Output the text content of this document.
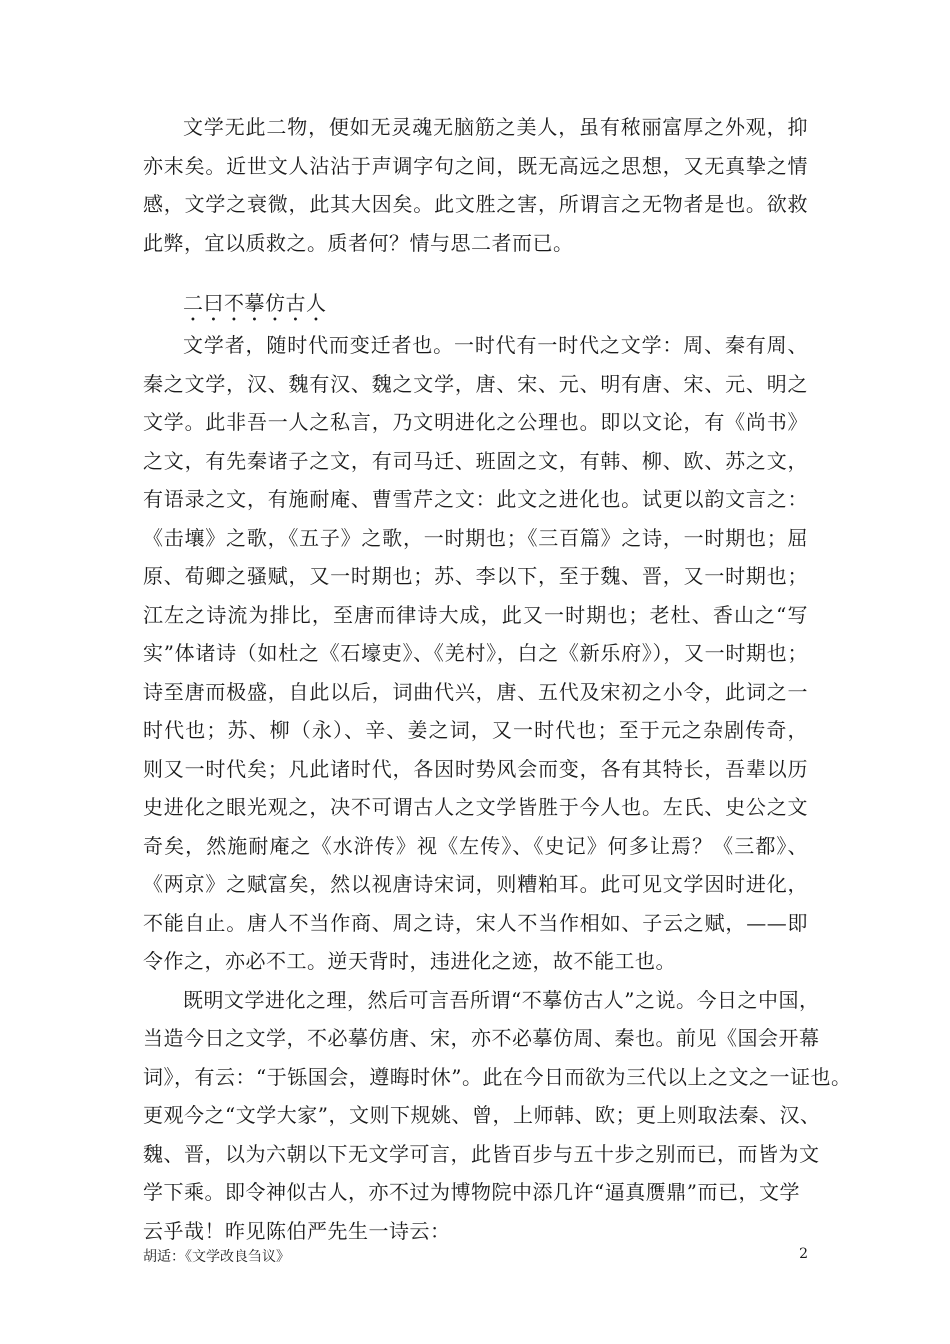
文学无此二物，便如无灵魂无脑筋之美人，虽有秾丽富厚之外观，抑亦末矣。近世文人沾沾于声调字句之间，既无高远之思想，又无真挚之情感，文学之衰微，此其大因矣。此文胜之害，所谓言之无物者是也。欲救此弊，宜以质救之。质者何？情与思二者而已。

二曰不摹仿古人

文学者，随时代而变迁者也。一时代有一时代之文学：周、秦有周、秦之文学，汉、魏有汉、魏之文学，唐、宋、元、明有唐、宋、元、明之文学。此非吾一人之私言，乃文明进化之公理也。即以文论，有《尚书》之文，有先秦诸子之文，有司马迁、班固之文，有韩、柳、欧、苏之文，有语录之文，有施耐庵、曹雪芹之文：此文之进化也。试更以韵文言之：《击壤》之歌，《五子》之歌，一时期也；《三百篇》之诗，一时期也；屈原、荀卿之骚赋，又一时期也；苏、李以下，至于魏、晋，又一时期也；江左之诗流为排比，至唐而律诗大成，此又一时期也；老杜、香山之“写实”体诸诗（如杜之《石壕吏》、《羌村》，白之《新乐府》），又一时期也；诗至唐而极盛，自此以后，词曲代兴，唐、五代及宋初之小令，此词之一时代也；苏、柳（永）、辛、姜之词，又一时代也；至于元之杂剧传奇，则又一时代矣；凡此诸时代，各因时势风会而变，各有其特长，吾辈以历史进化之眼光观之，决不可谓古人之文学皆胜于今人也。左氏、史公之文奇矣，然施耐庵之《水浒传》视《左传》、《史记》何多让焉？《三都》、《两京》之赋富矣，然以视唐诗宋词，则糟粕耳。此可见文学因时进化，不能自止。唐人不当作商、周之诗，宋人不当作相如、子云之赋，——即令作之，亦必不工。逆天背时，违进化之迹，故不能工也。

既明文学进化之理，然后可言吾所谓“不摹仿古人”之说。今日之中国，
当造今日之文学，不必摹仿唐、宋，亦不必摹仿周、秦也。前见《国会开幕
词》，有云：“于铄国会，遵晦时休”。此在今日而欲为三代以上之文之一证也。
更观今之“文学大家”，文则下规姚、曾，上师韩、欧；更上则取法秦、汉、
魏、晋，以为六朝以下无文学可言，此皆百步与五十步之别而已，而皆为文
学下乘。即令神似古人，亦不过为博物院中添几许“逼真赝鼎”而已，文学
云乎哉！昨见陈伯严先生一诗云：

胡适：《文学改良刍议》	2
